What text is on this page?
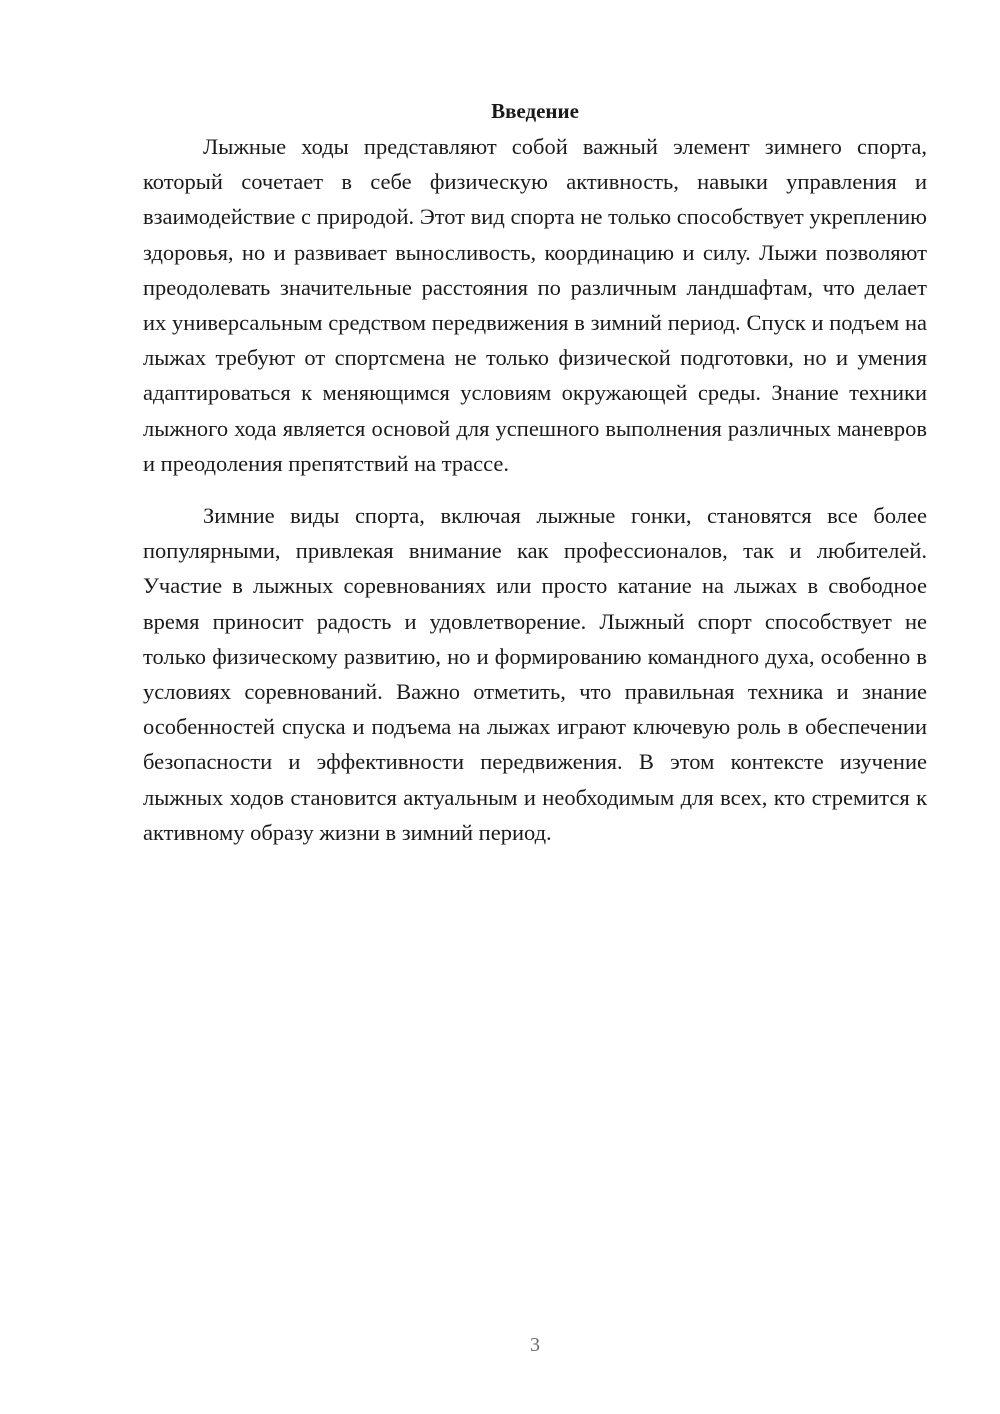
Введение

Лыжные ходы представляют собой важный элемент зимнего спорта, который сочетает в себе физическую активность, навыки управления и взаимодействие с природой. Этот вид спорта не только способствует укреплению здоровья, но и развивает выносливость, координацию и силу. Лыжи позволяют преодолевать значительные расстояния по различным ландшафтам, что делает их универсальным средством передвижения в зимний период. Спуск и подъем на лыжах требуют от спортсмена не только физической подготовки, но и умения адаптироваться к меняющимся условиям окружающей среды. Знание техники лыжного хода является основой для успешного выполнения различных маневров и преодоления препятствий на трассе.

Зимние виды спорта, включая лыжные гонки, становятся все более популярными, привлекая внимание как профессионалов, так и любителей. Участие в лыжных соревнованиях или просто катание на лыжах в свободное время приносит радость и удовлетворение. Лыжный спорт способствует не только физическому развитию, но и формированию командного духа, особенно в условиях соревнований. Важно отметить, что правильная техника и знание особенностей спуска и подъема на лыжах играют ключевую роль в обеспечении безопасности и эффективности передвижения. В этом контексте изучение лыжных ходов становится актуальным и необходимым для всех, кто стремится к активному образу жизни в зимний период.

3
